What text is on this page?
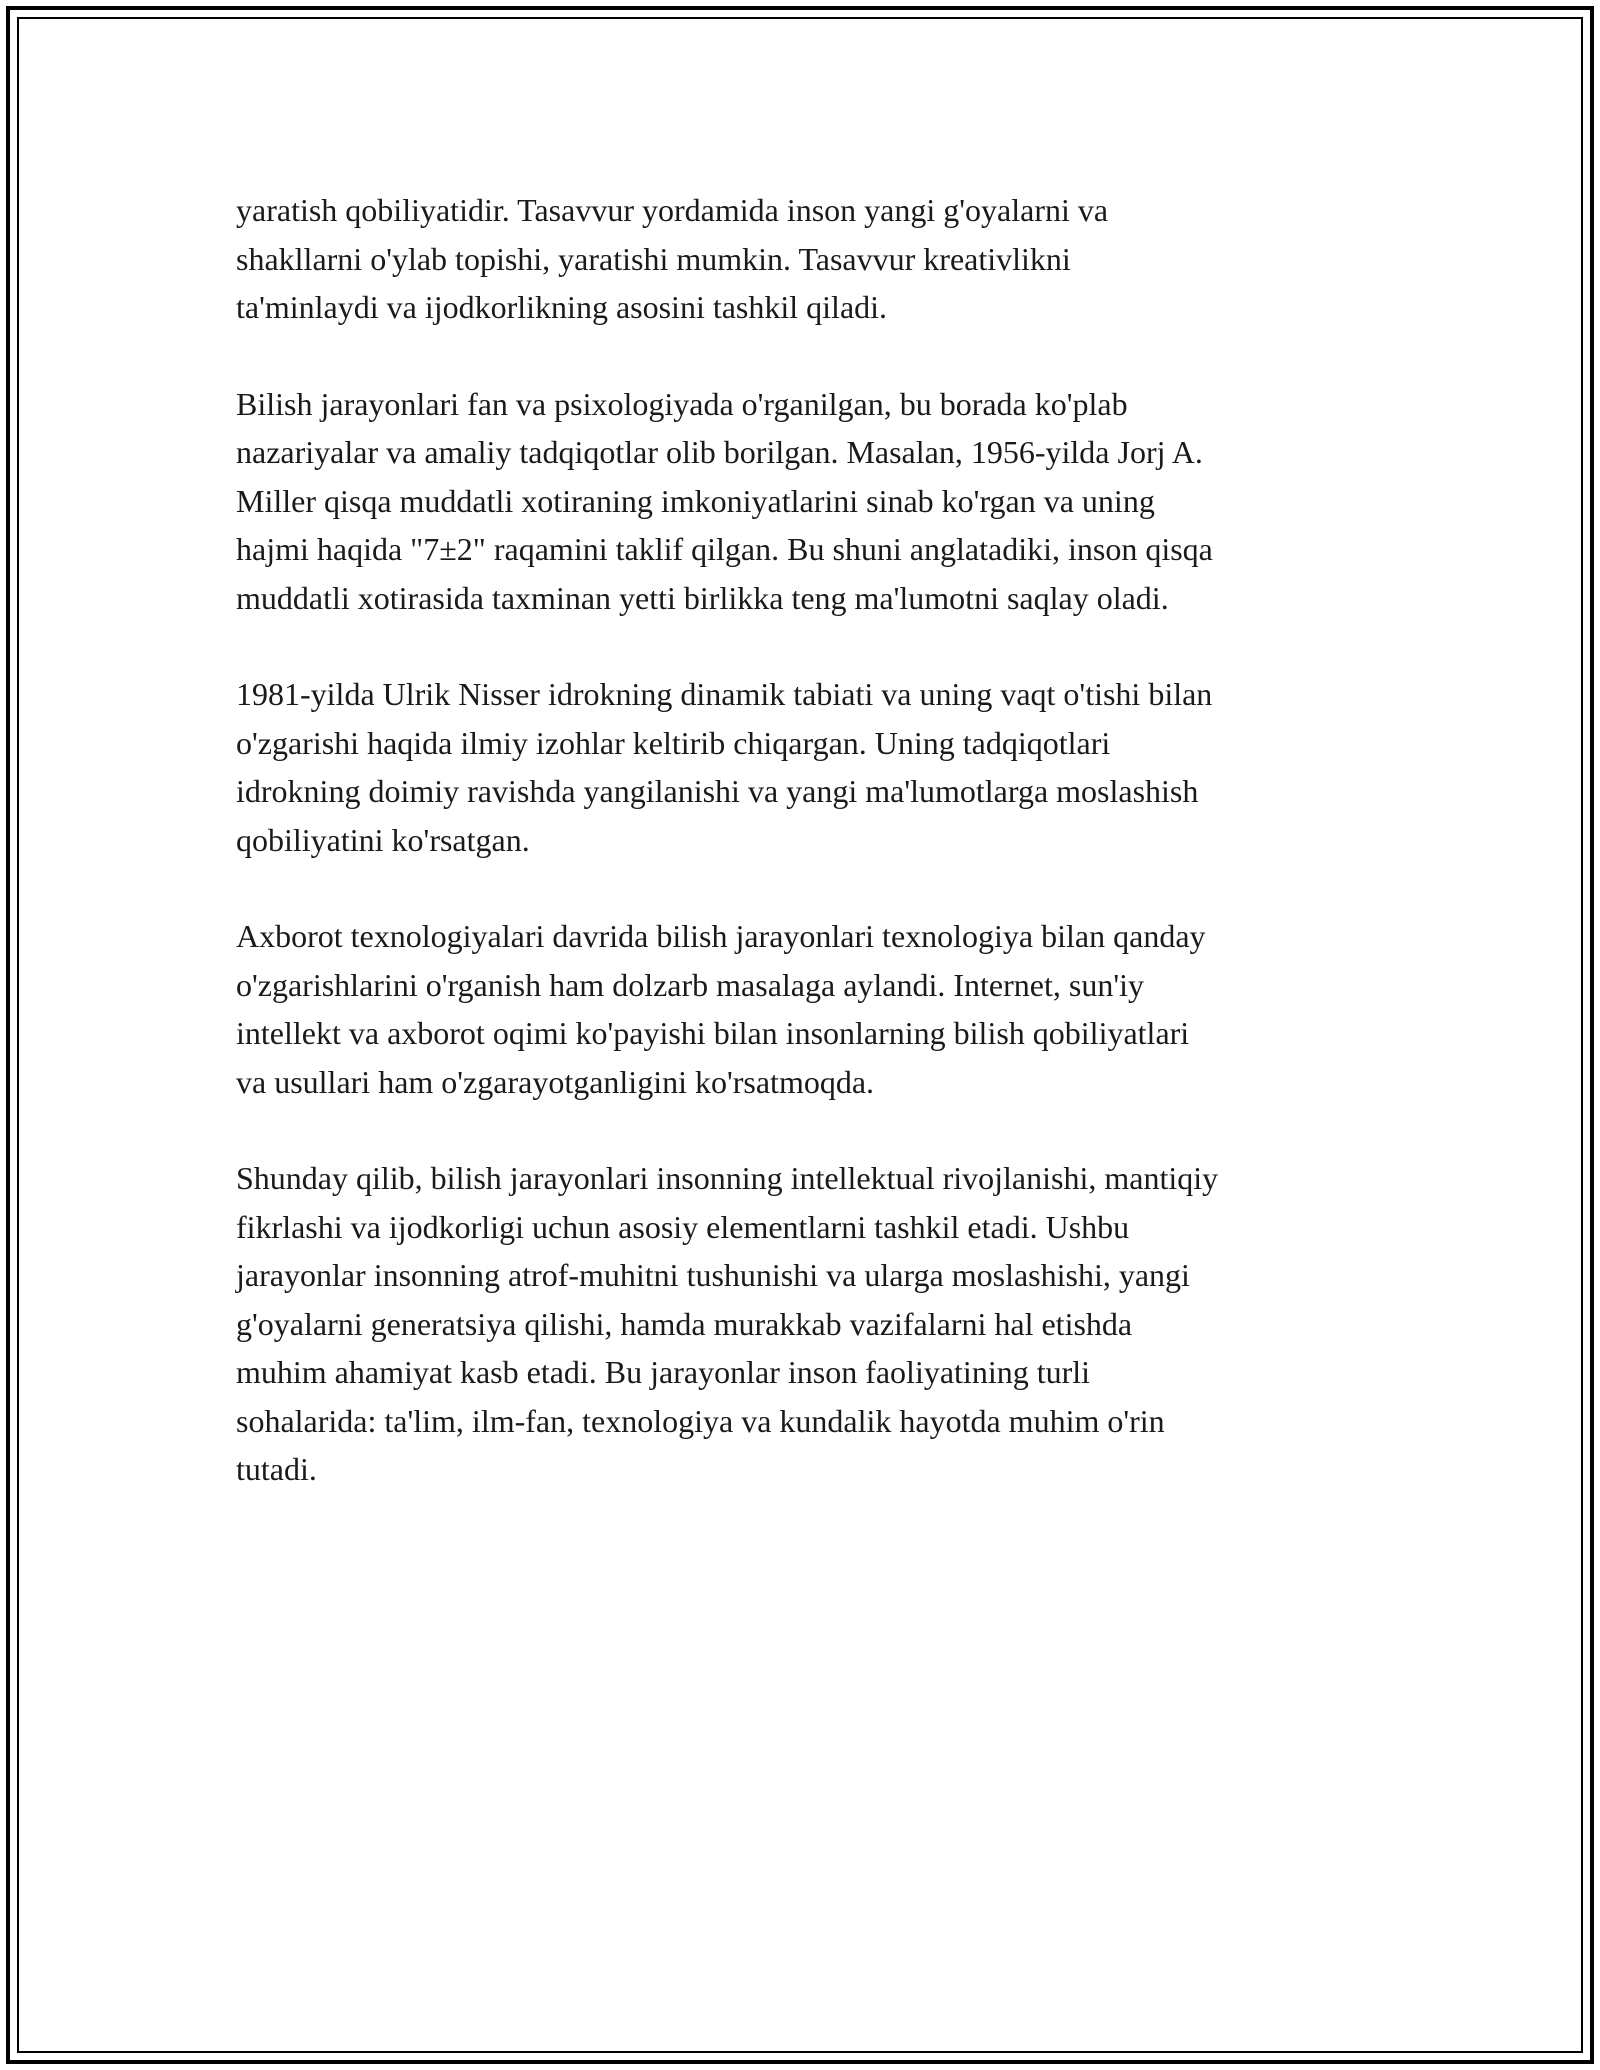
yaratish qobiliyatidir. Tasavvur yordamida inson yangi g'oyalarni va
shakllarni o'ylab topishi, yaratishi mumkin. Tasavvur kreativlikni
ta'minlaydi va ijodkorlikning asosini tashkil qiladi.

Bilish jarayonlari fan va psixologiyada o'rganilgan, bu borada ko'plab
nazariyalar va amaliy tadqiqotlar olib borilgan. Masalan, 1956-yilda Jorj A.
Miller qisqa muddatli xotiraning imkoniyatlarini sinab ko'rgan va uning
hajmi haqida "7±2" raqamini taklif qilgan. Bu shuni anglatadiki, inson qisqa
muddatli xotirasida taxminan yetti birlikka teng ma'lumotni saqlay oladi.

1981-yilda Ulrik Nisser idrokning dinamik tabiati va uning vaqt o'tishi bilan
o'zgarishi haqida ilmiy izohlar keltirib chiqargan. Uning tadqiqotlari
idrokning doimiy ravishda yangilanishi va yangi ma'lumotlarga moslashish
qobiliyatini ko'rsatgan.

Axborot texnologiyalari davrida bilish jarayonlari texnologiya bilan qanday
o'zgarishlarini o'rganish ham dolzarb masalaga aylandi. Internet, sun'iy
intellekt va axborot oqimi ko'payishi bilan insonlarning bilish qobiliyatlari
va usullari ham o'zgarayotganligini ko'rsatmoqda.

Shunday qilib, bilish jarayonlari insonning intellektual rivojlanishi, mantiqiy
fikrlashi va ijodkorligi uchun asosiy elementlarni tashkil etadi. Ushbu
jarayonlar insonning atrof-muhitni tushunishi va ularga moslashishi, yangi
g'oyalarni generatsiya qilishi, hamda murakkab vazifalarni hal etishda
muhim ahamiyat kasb etadi. Bu jarayonlar inson faoliyatining turli
sohalarida: ta'lim, ilm-fan, texnologiya va kundalik hayotda muhim o'rin
tutadi.
